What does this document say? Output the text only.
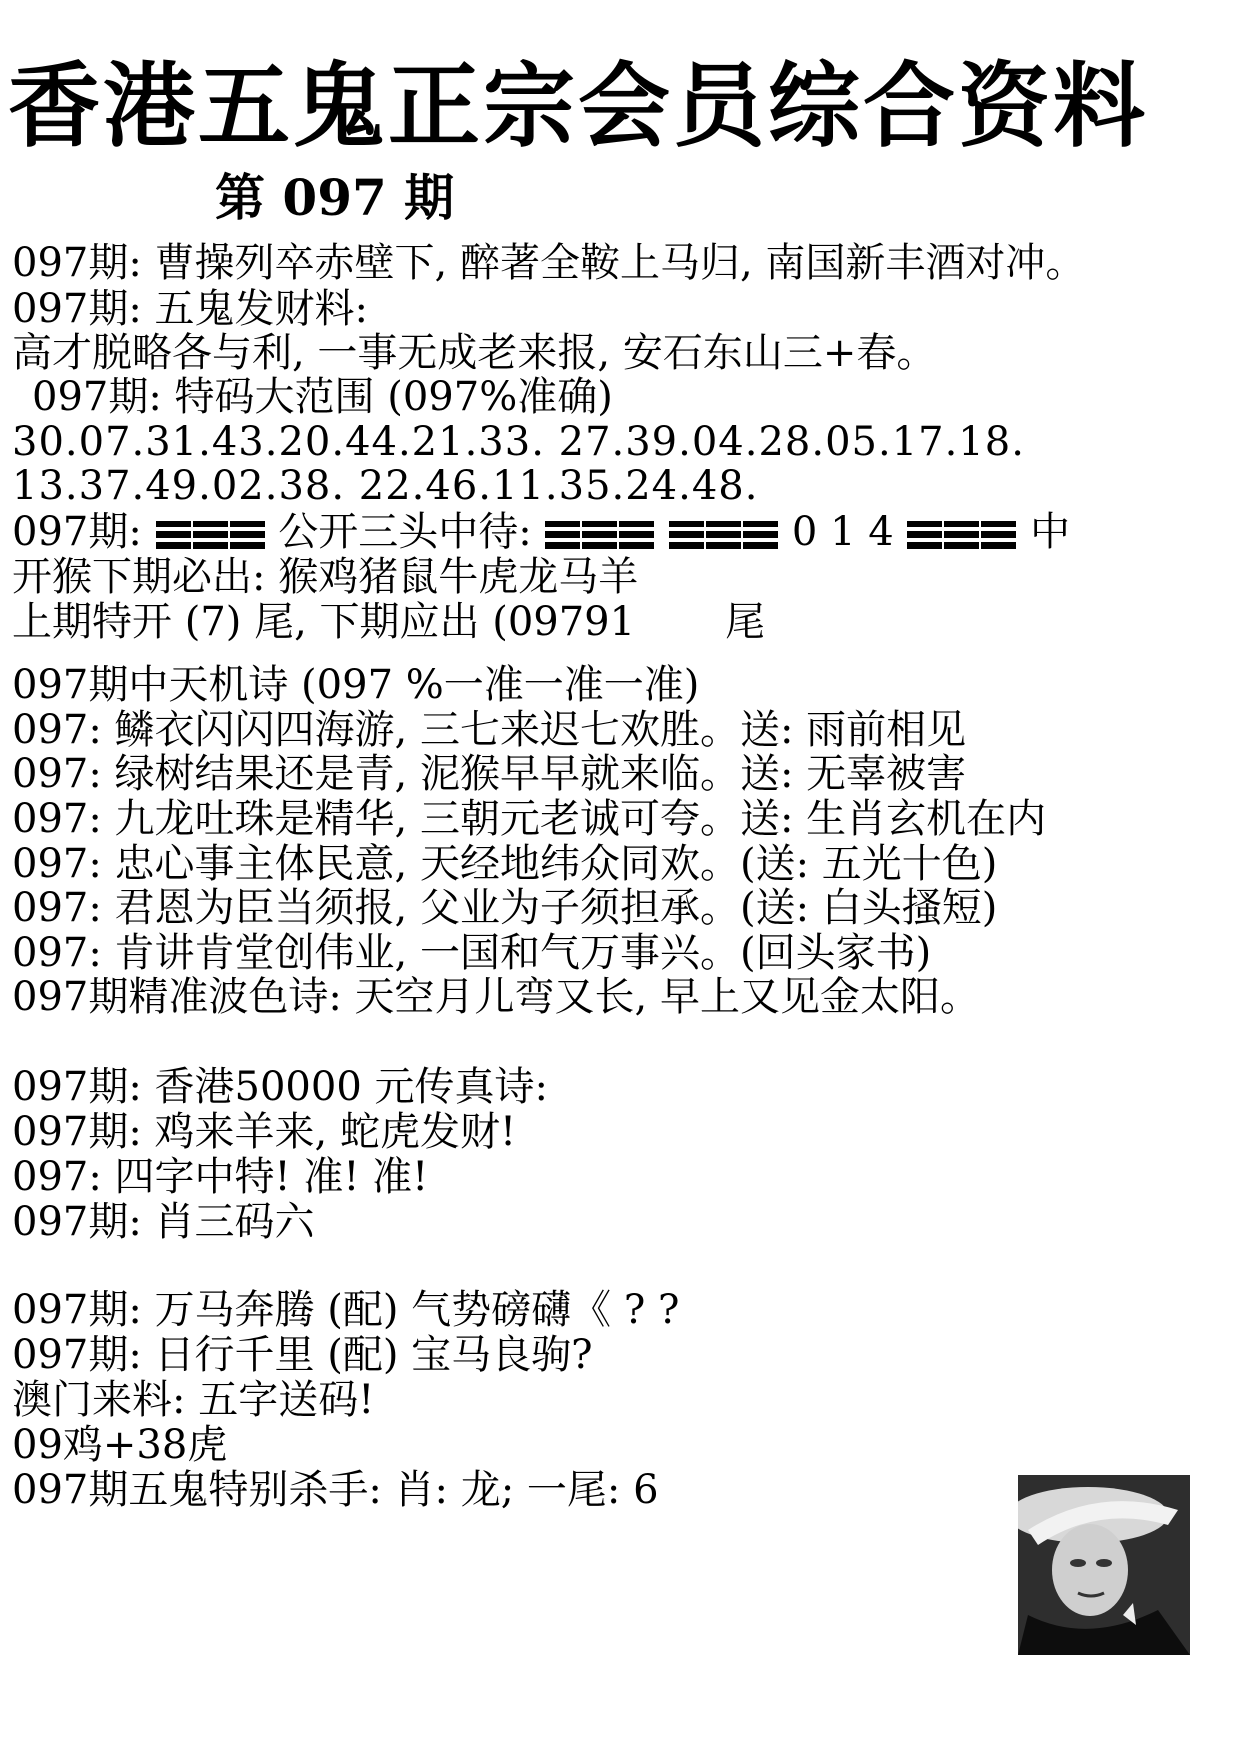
香港五鬼正宗会员综合资料
第 097 期
097期: 曹操列卒赤壁下, 醉著全鞍上马归, 南国新丰酒对冲。
097期: 五鬼发财料:
高才脱略各与利, 一事无成老来报, 安石东山三+春。
097期: 特码大范围 (097%准确)
30.07.31.43.20.44.21.33. 27.39.04.28.05.17.18.
13.37.49.02.38. 22.46.11.35.24.48.
097期:	公开三头中待:	0 1 4	中
开猴下期必出: 猴鸡猪鼠牛虎龙马羊
上期特开 (7) 尾, 下期应出 (09791 尾
097期中天机诗 (097 %一准一准一准)
097: 鳞衣闪闪四海游, 三七来迟七欢胜。送: 雨前相见
097: 绿树结果还是青, 泥猴早早就来临。送: 无辜被害
097: 九龙吐珠是精华, 三朝元老诚可夸。送: 生肖玄机在内
097: 忠心事主体民意, 天经地纬众同欢。(送: 五光十色)
097: 君恩为臣当须报, 父业为子须担承。(送: 白头搔短)
097: 肯讲肯堂创伟业, 一国和气万事兴。(回头家书)
097期精准波色诗: 天空月儿弯又长, 早上又见金太阳。
097期: 香港50000 元传真诗:
097期: 鸡来羊来, 蛇虎发财!
097: 四字中特! 准! 准!
097期: 肖三码六
097期: 万马奔腾 (配) 气势磅礴《 ? ?
097期: 日行千里 (配) 宝马良驹?
澳门来料: 五字送码!
09鸡+38虎
097期五鬼特别杀手: 肖: 龙; 一尾: 6
